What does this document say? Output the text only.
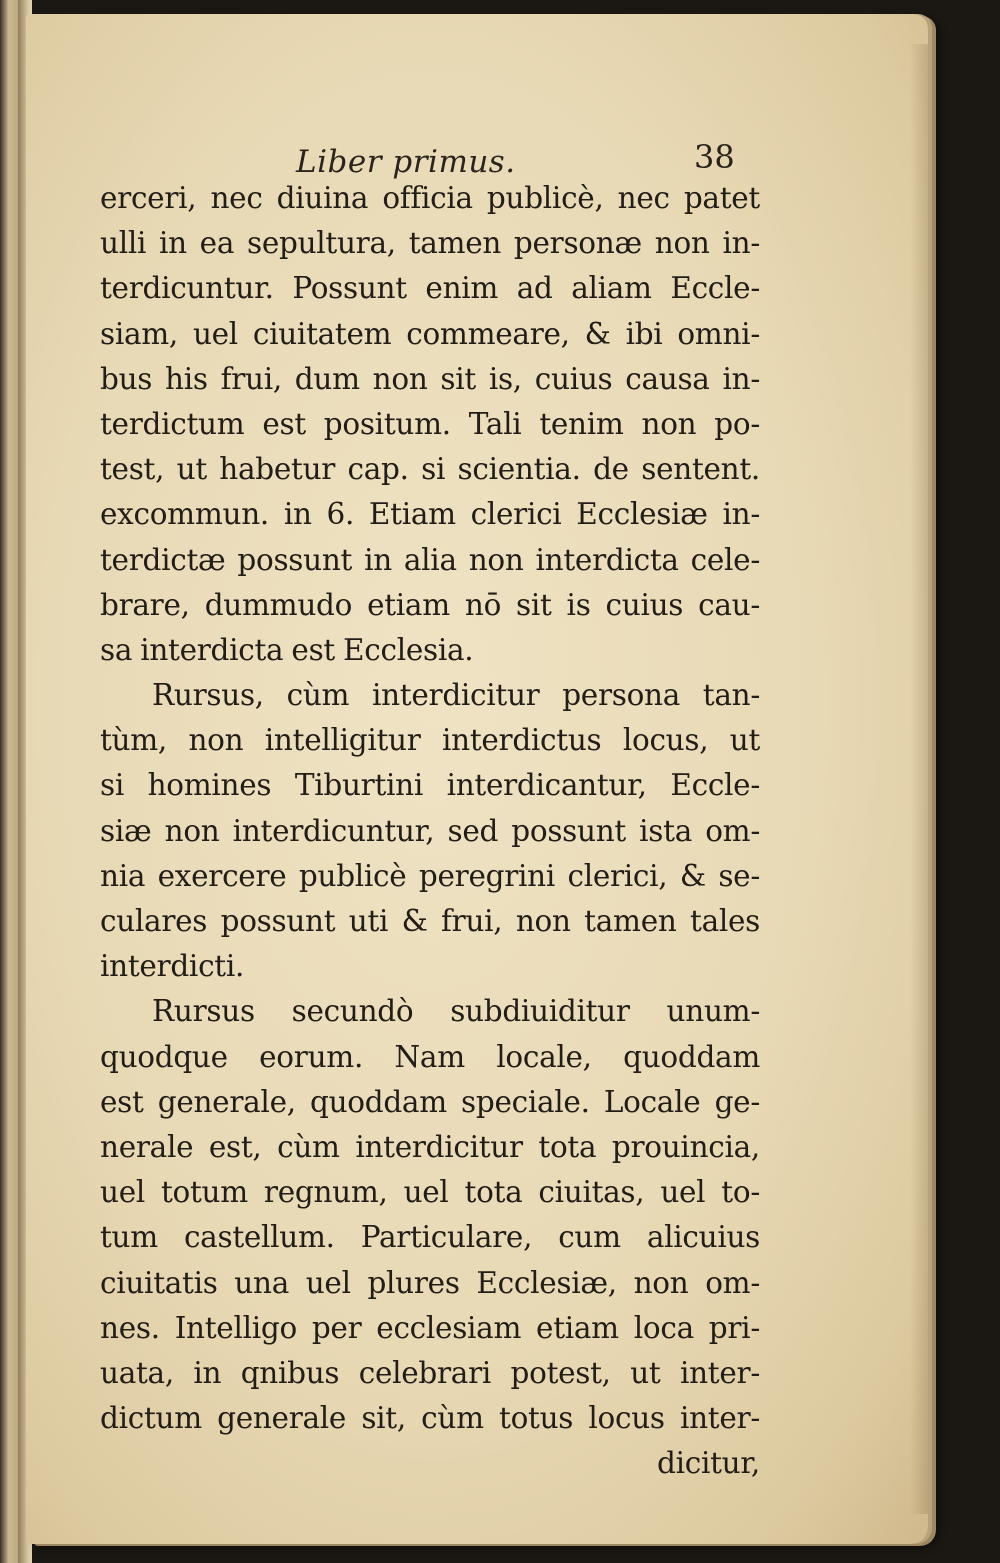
Liber primus.	38
erceri, nec diuina officia publicè, nec patet
ulli in ea sepultura, tamen personæ non in-
terdicuntur. Possunt enim ad aliam Eccle-
siam, uel ciuitatem commeare, & ibi omni-
bus his frui, dum non sit is, cuius causa in-
terdictum est positum. Tali tenim non po-
test, ut habetur cap. si scientia. de sentent.
excommun. in 6. Etiam clerici Ecclesiæ in-
terdictæ possunt in alia non interdicta cele-
brare, dummudo etiam nō sit is cuius cau-
sa interdicta est Ecclesia.
Rursus, cùm interdicitur persona tan-
tùm, non intelligitur interdictus locus, ut
si homines Tiburtini interdicantur, Eccle-
siæ non interdicuntur, sed possunt ista om-
nia exercere publicè peregrini clerici, & se-
culares possunt uti & frui, non tamen tales
interdicti.
Rursus secundò subdiuiditur unum-
quodque eorum. Nam locale, quoddam
est generale, quoddam speciale. Locale ge-
nerale est, cùm interdicitur tota prouincia,
uel totum regnum, uel tota ciuitas, uel to-
tum castellum. Particulare, cum alicuius
ciuitatis una uel plures Ecclesiæ, non om-
nes. Intelligo per ecclesiam etiam loca pri-
uata, in qnibus celebrari potest, ut inter-
dictum generale sit, cùm totus locus inter-
dicitur,
